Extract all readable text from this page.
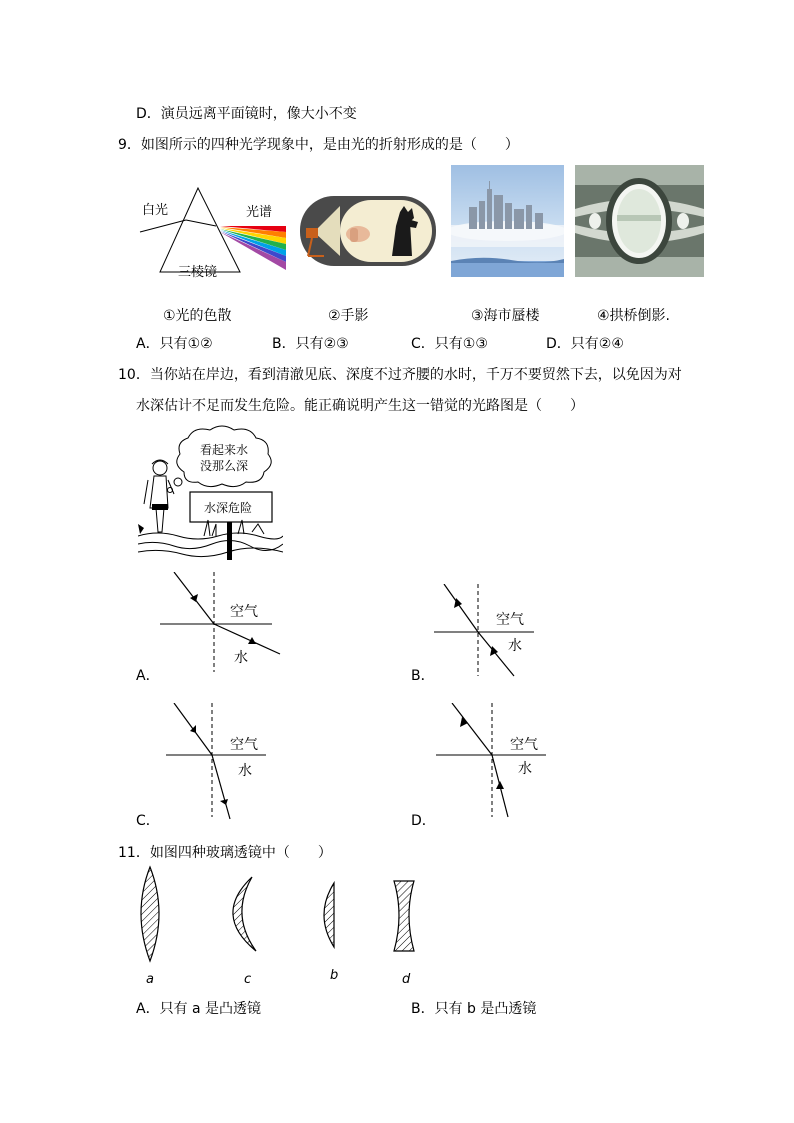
D．演员远离平面镜时，像大小不变
9．如图所示的四种光学现象中，是由光的折射形成的是（　　）
白光	光谱
三棱镜
①光的色散	②手影	③海市蜃楼	④拱桥倒影.
A．只有①②	B．只有②③	C．只有①③	D．只有②④
10．当你站在岸边，看到清澈见底、深度不过齐腰的水时，千万不要贸然下去，以免因为对
水深估计不足而发生危险。能正确说明产生这一错觉的光路图是（　　）
看起来水
没那么深
水深危险
空气
水
A．
空气
水
B．
空气
水
C．
空气
水
D．
11．如图四种玻璃透镜中（　　）
a	c	b	d
A．只有 a 是凸透镜	B．只有 b 是凸透镜
